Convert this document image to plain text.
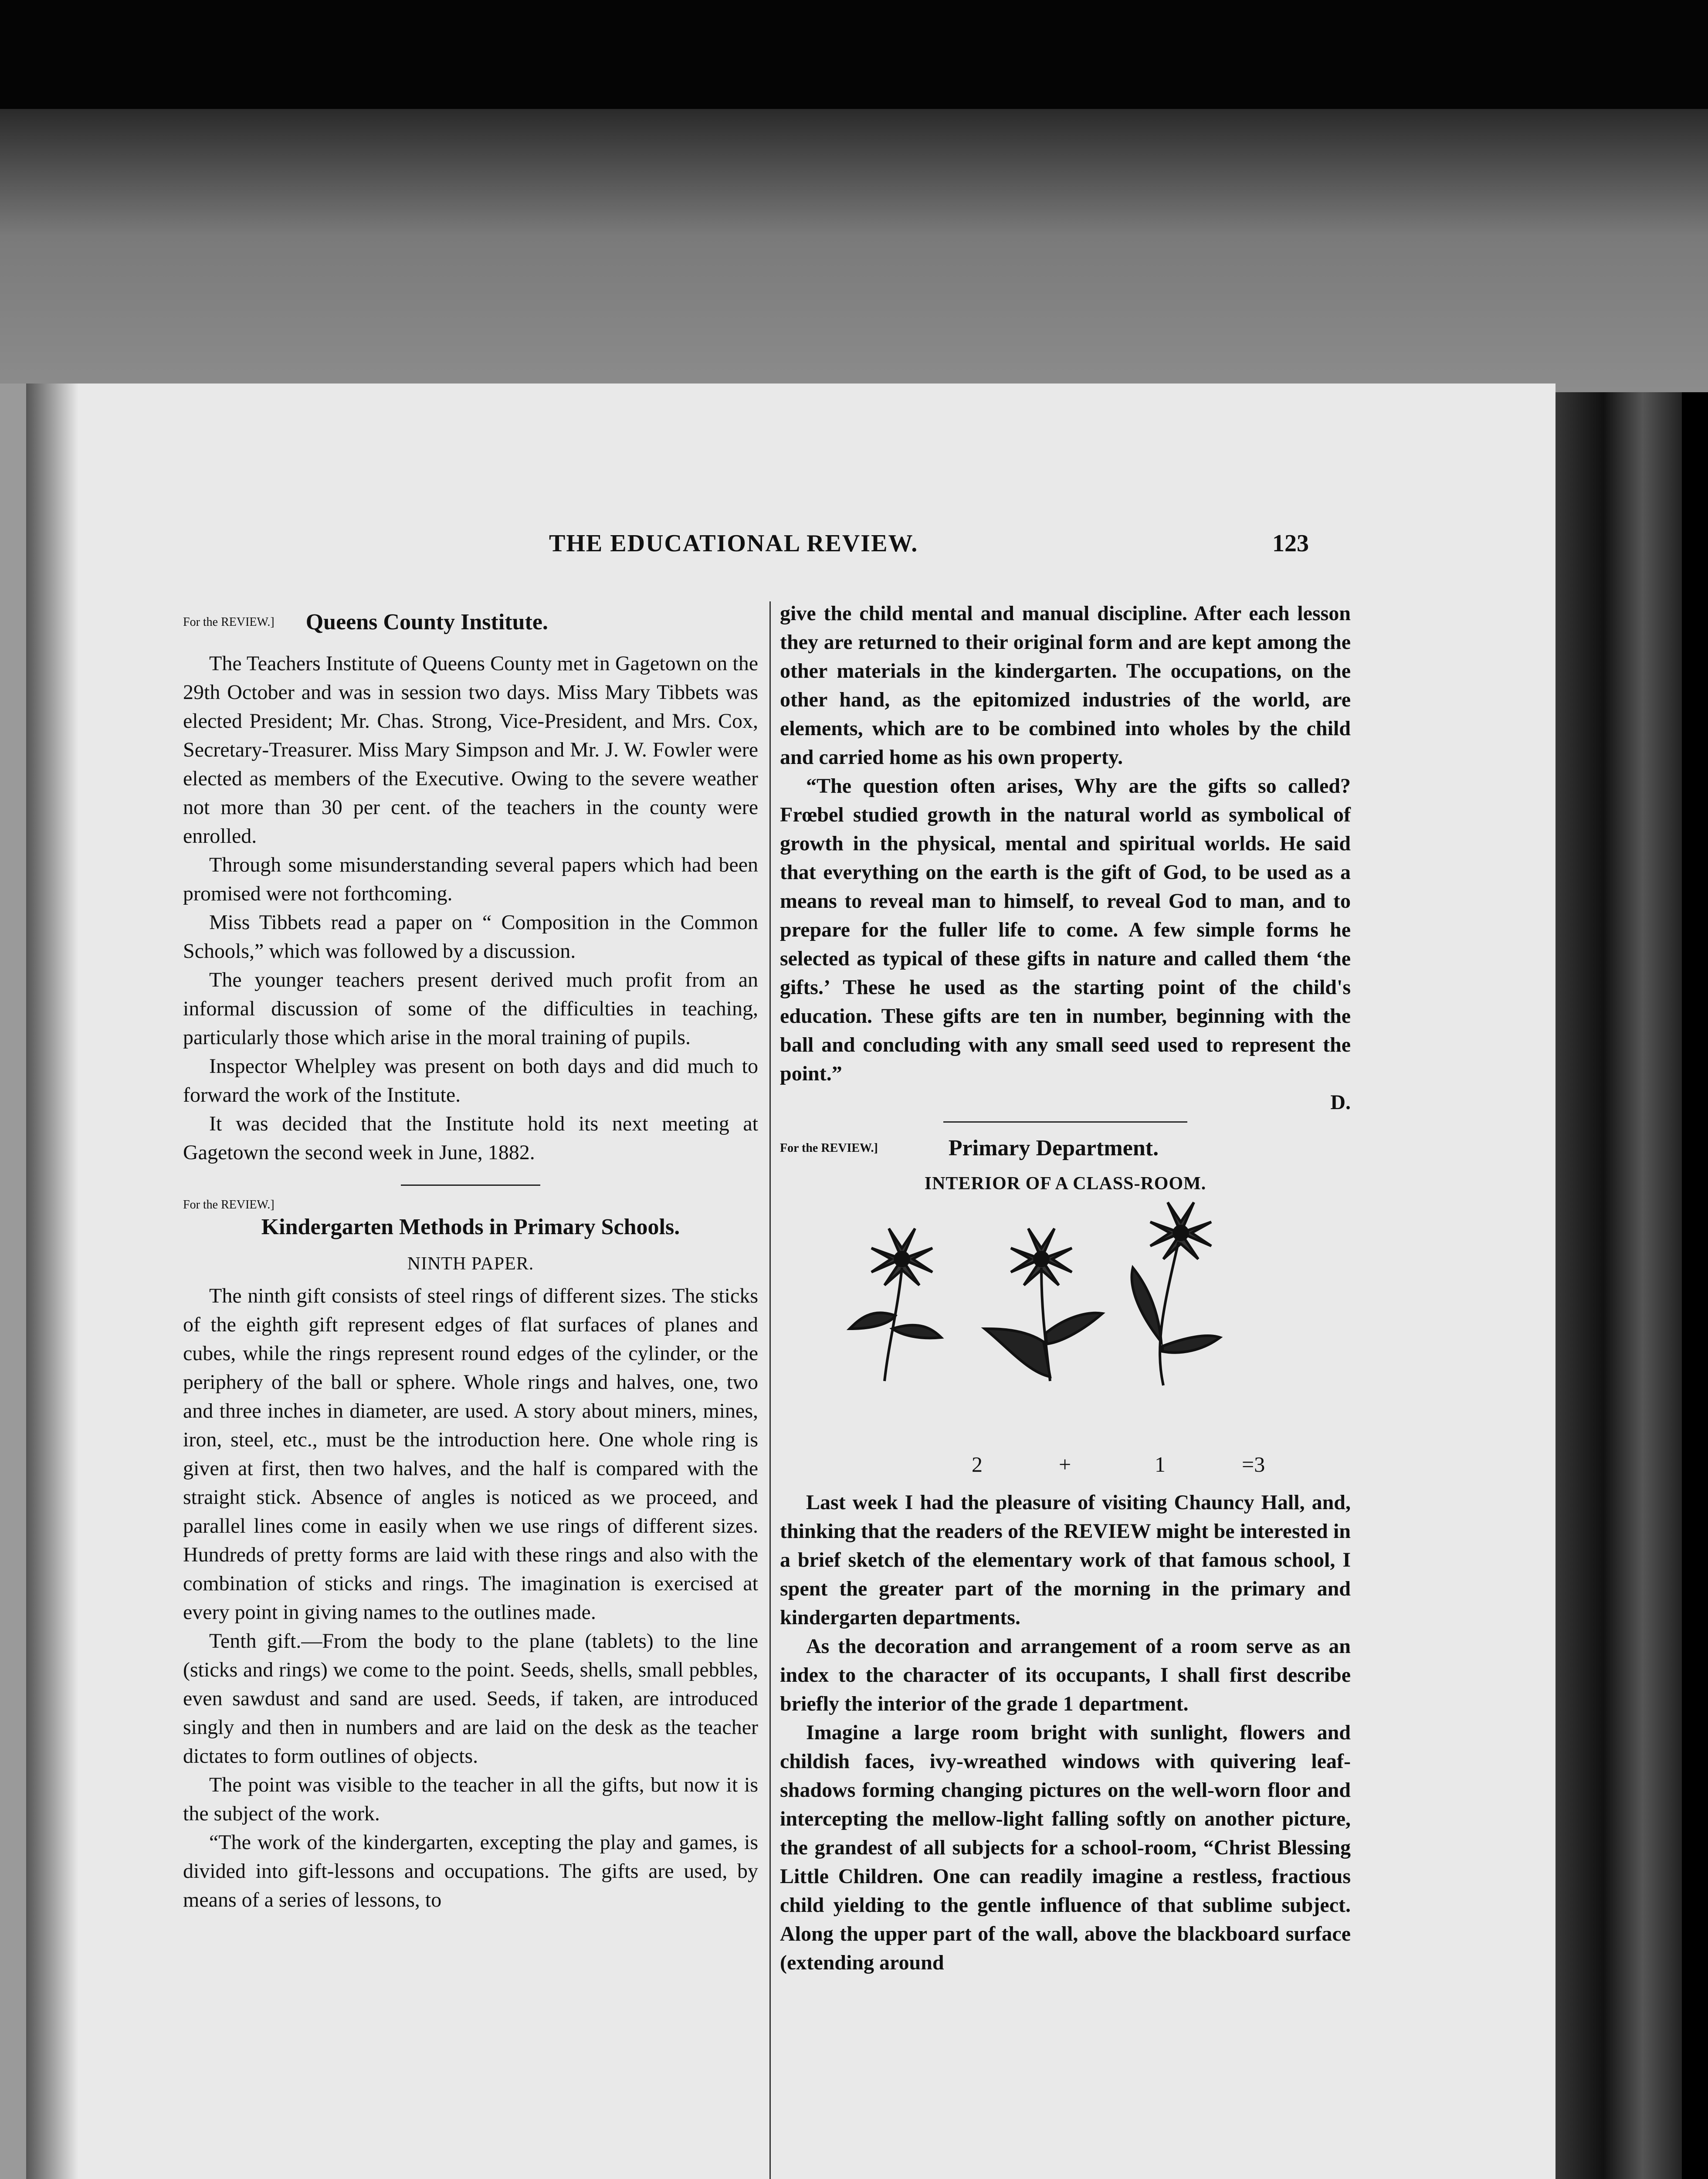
THE EDUCATIONAL REVIEW.	123
For the REVIEW.] Queens County Institute.

The Teachers Institute of Queens County met in Gagetown on the 29th October and was in session two days. Miss Mary Tibbets was elected President; Mr. Chas. Strong, Vice-President, and Mrs. Cox, Secretary-Treasurer. Miss Mary Simpson and Mr. J. W. Fowler were elected as members of the Executive. Owing to the severe weather not more than 30 per cent. of the teachers in the county were enrolled.

Through some misunderstanding several papers which had been promised were not forthcoming.

Miss Tibbets read a paper on “ Composition in the Common Schools,” which was followed by a discussion.

The younger teachers present derived much profit from an informal discussion of some of the difficulties in teaching, particularly those which arise in the moral training of pupils.

Inspector Whelpley was present on both days and did much to forward the work of the Institute.

It was decided that the Institute hold its next meeting at Gagetown the second week in June, 1882.

For the REVIEW.]
Kindergarten Methods in Primary Schools.
NINTH PAPER.

The ninth gift consists of steel rings of different sizes. The sticks of the eighth gift represent edges of flat surfaces of planes and cubes, while the rings represent round edges of the cylinder, or the periphery of the ball or sphere. Whole rings and halves, one, two and three inches in diameter, are used. A story about miners, mines, iron, steel, etc., must be the introduction here. One whole ring is given at first, then two halves, and the half is compared with the straight stick. Absence of angles is noticed as we proceed, and parallel lines come in easily when we use rings of different sizes. Hundreds of pretty forms are laid with these rings and also with the combination of sticks and rings. The imagination is exercised at every point in giving names to the outlines made.

Tenth gift.—From the body to the plane (tablets) to the line (sticks and rings) we come to the point. Seeds, shells, small pebbles, even sawdust and sand are used. Seeds, if taken, are introduced singly and then in numbers and are laid on the desk as the teacher dictates to form outlines of objects.

The point was visible to the teacher in all the gifts, but now it is the subject of the work.

“The work of the kindergarten, excepting the play and games, is divided into gift-lessons and occupations. The gifts are used, by means of a series of lessons, to

give the child mental and manual discipline. After each lesson they are returned to their original form and are kept among the other materials in the kindergarten. The occupations, on the other hand, as the epitomized industries of the world, are elements, which are to be combined into wholes by the child and carried home as his own property.

“The question often arises, Why are the gifts so called? Frœbel studied growth in the natural world as symbolical of growth in the physical, mental and spiritual worlds. He said that everything on the earth is the gift of God, to be used as a means to reveal man to himself, to reveal God to man, and to prepare for the fuller life to come. A few simple forms he selected as typical of these gifts in nature and called them ‘the gifts.’ These he used as the starting point of the child's education. These gifts are ten in number, beginning with the ball and concluding with any small seed used to represent the point.”

D.
For the REVIEW.]	Primary Department.
INTERIOR OF A CLASS-ROOM.
2	+	1	=3

Last week I had the pleasure of visiting Chauncy Hall, and, thinking that the readers of the REVIEW might be interested in a brief sketch of the elementary work of that famous school, I spent the greater part of the morning in the primary and kindergarten departments.

As the decoration and arrangement of a room serve as an index to the character of its occupants, I shall first describe briefly the interior of the grade 1 department.

Imagine a large room bright with sunlight, flowers and childish faces, ivy-wreathed windows with quivering leaf-shadows forming changing pictures on the well-worn floor and intercepting the mellow-light falling softly on another picture, the grandest of all subjects for a school-room, “Christ Blessing Little Children. One can readily imagine a restless, fractious child yielding to the gentle influence of that sublime subject. Along the upper part of the wall, above the blackboard surface (extending around
